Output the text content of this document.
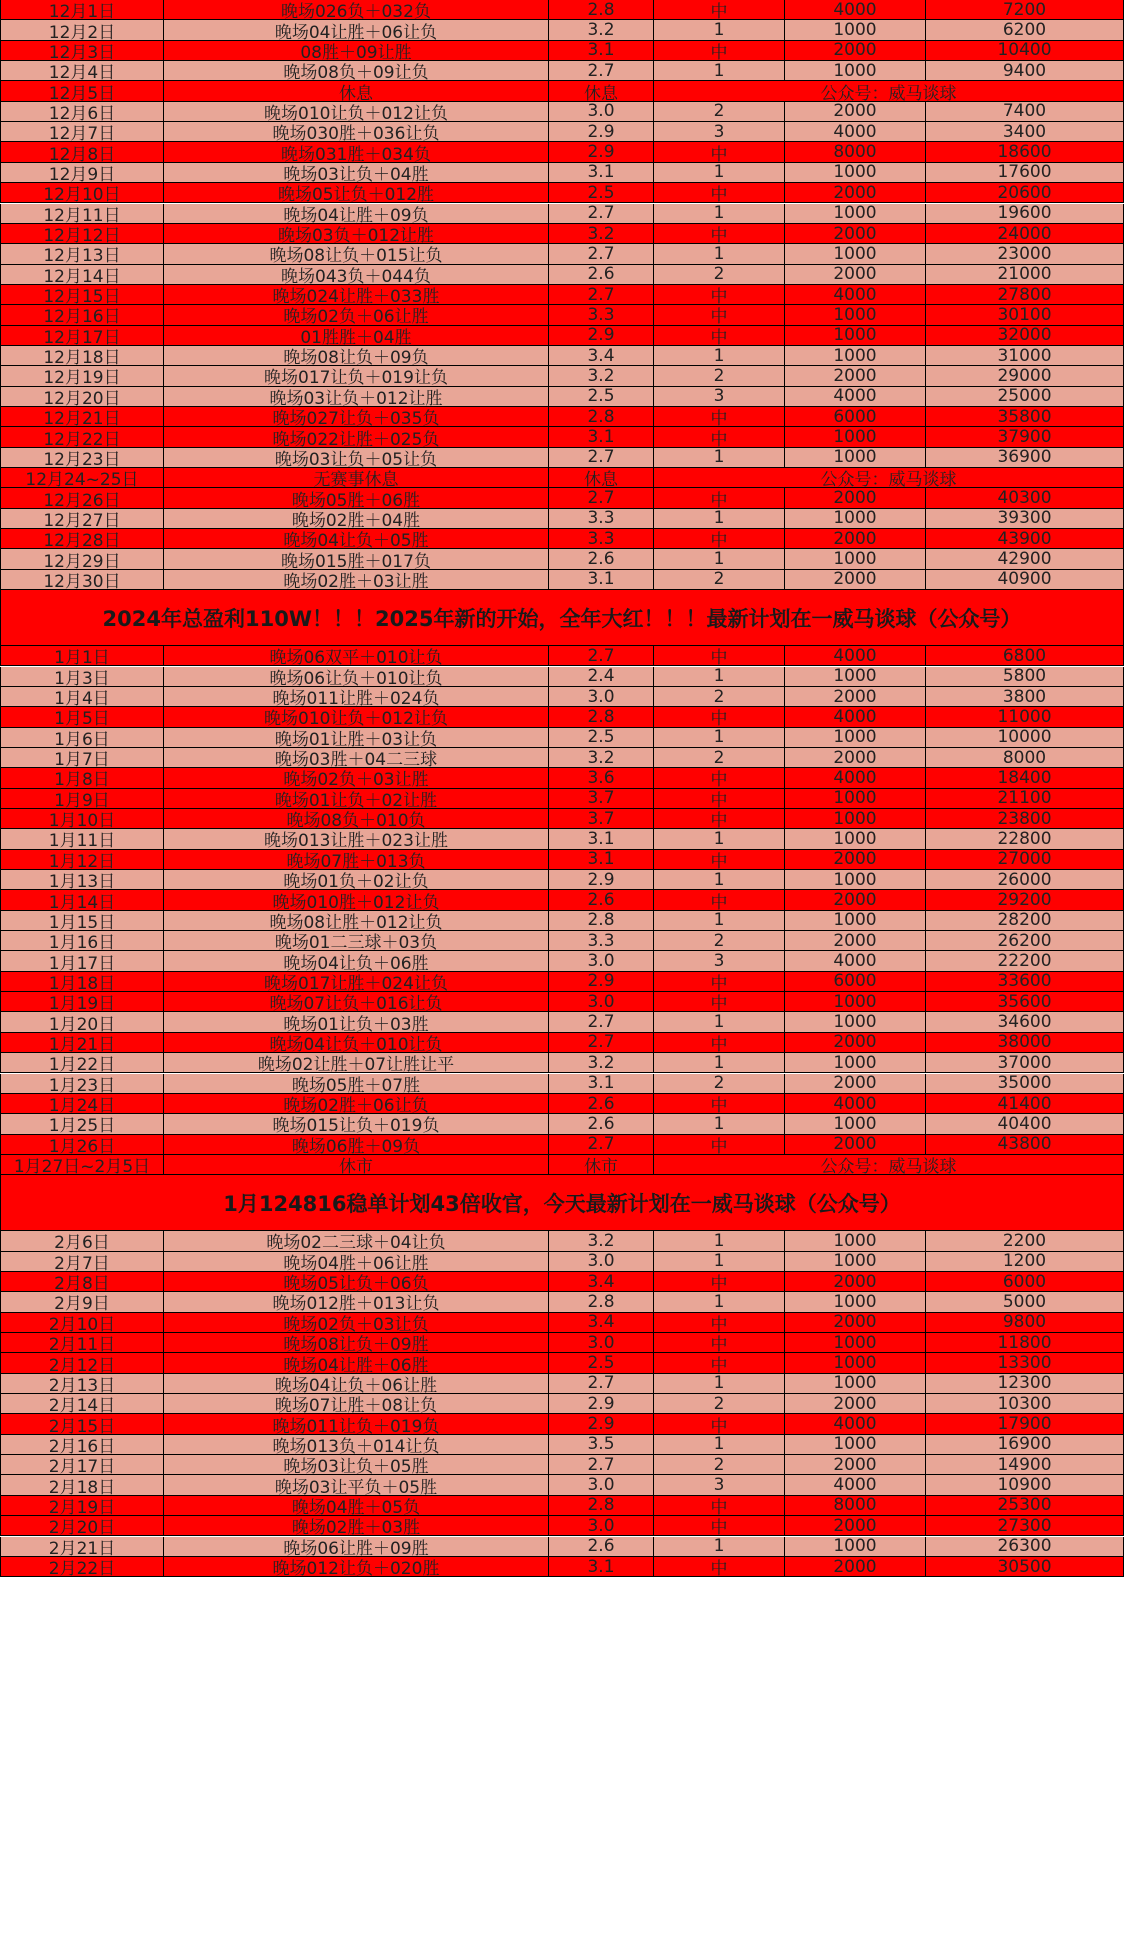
12月1日	晚场026负＋032负	2.8	中	4000	7200
12月2日	晚场04让胜＋06让负	3.2	1	1000	6200
12月3日	08胜＋09让胜	3.1	中	2000	10400
12月4日	晚场08负＋09让负	2.7	1	1000	9400
12月5日	休息	休息	公众号：威马谈球
12月6日	晚场010让负＋012让负	3.0	2	2000	7400
12月7日	晚场030胜＋036让负	2.9	3	4000	3400
12月8日	晚场031胜＋034负	2.9	中	8000	18600
12月9日	晚场03让负＋04胜	3.1	1	1000	17600
12月10日	晚场05让负＋012胜	2.5	中	2000	20600
12月11日	晚场04让胜＋09负	2.7	1	1000	19600
12月12日	晚场03负＋012让胜	3.2	中	2000	24000
12月13日	晚场08让负＋015让负	2.7	1	1000	23000
12月14日	晚场043负＋044负	2.6	2	2000	21000
12月15日	晚场024让胜＋033胜	2.7	中	4000	27800
12月16日	晚场02负＋06让胜	3.3	中	1000	30100
12月17日	01胜胜＋04胜	2.9	中	1000	32000
12月18日	晚场08让负＋09负	3.4	1	1000	31000
12月19日	晚场017让负＋019让负	3.2	2	2000	29000
12月20日	晚场03让负＋012让胜	2.5	3	4000	25000
12月21日	晚场027让负＋035负	2.8	中	6000	35800
12月22日	晚场022让胜＋025负	3.1	中	1000	37900
12月23日	晚场03让负＋05让负	2.7	1	1000	36900
12月24~25日	无赛事休息	休息	公众号：威马谈球
12月26日	晚场05胜＋06胜	2.7	中	2000	40300
12月27日	晚场02胜＋04胜	3.3	1	1000	39300
12月28日	晚场04让负＋05胜	3.3	中	2000	43900
12月29日	晚场015胜＋017负	2.6	1	1000	42900
12月30日	晚场02胜＋03让胜	3.1	2	2000	40900
2024年总盈利110W！！！2025年新的开始，全年大红！！！最新计划在一威马谈球（公众号）
1月1日	晚场06双平＋010让负	2.7	中	4000	6800
1月3日	晚场06让负＋010让负	2.4	1	1000	5800
1月4日	晚场011让胜＋024负	3.0	2	2000	3800
1月5日	晚场010让负＋012让负	2.8	中	4000	11000
1月6日	晚场01让胜＋03让负	2.5	1	1000	10000
1月7日	晚场03胜＋04二三球	3.2	2	2000	8000
1月8日	晚场02负＋03让胜	3.6	中	4000	18400
1月9日	晚场01让负＋02让胜	3.7	中	1000	21100
1月10日	晚场08负＋010负	3.7	中	1000	23800
1月11日	晚场013让胜＋023让胜	3.1	1	1000	22800
1月12日	晚场07胜＋013负	3.1	中	2000	27000
1月13日	晚场01负＋02让负	2.9	1	1000	26000
1月14日	晚场010胜＋012让负	2.6	中	2000	29200
1月15日	晚场08让胜＋012让负	2.8	1	1000	28200
1月16日	晚场01二三球＋03负	3.3	2	2000	26200
1月17日	晚场04让负＋06胜	3.0	3	4000	22200
1月18日	晚场017让胜＋024让负	2.9	中	6000	33600
1月19日	晚场07让负＋016让负	3.0	中	1000	35600
1月20日	晚场01让负＋03胜	2.7	1	1000	34600
1月21日	晚场04让负＋010让负	2.7	中	2000	38000
1月22日	晚场02让胜＋07让胜让平	3.2	1	1000	37000
1月23日	晚场05胜＋07胜	3.1	2	2000	35000
1月24日	晚场02胜＋06让负	2.6	中	4000	41400
1月25日	晚场015让负＋019负	2.6	1	1000	40400
1月26日	晚场06胜＋09负	2.7	中	2000	43800
1月27日~2月5日	休市	休市	公众号：威马谈球
1月124816稳单计划43倍收官，今天最新计划在一威马谈球（公众号）
2月6日	晚场02二三球＋04让负	3.2	1	1000	2200
2月7日	晚场04胜＋06让胜	3.0	1	1000	1200
2月8日	晚场05让负＋06负	3.4	中	2000	6000
2月9日	晚场012胜＋013让负	2.8	1	1000	5000
2月10日	晚场02负＋03让负	3.4	中	2000	9800
2月11日	晚场08让负＋09胜	3.0	中	1000	11800
2月12日	晚场04让胜＋06胜	2.5	中	1000	13300
2月13日	晚场04让负＋06让胜	2.7	1	1000	12300
2月14日	晚场07让胜＋08让负	2.9	2	2000	10300
2月15日	晚场011让负＋019负	2.9	中	4000	17900
2月16日	晚场013负＋014让负	3.5	1	1000	16900
2月17日	晚场03让负＋05胜	2.7	2	2000	14900
2月18日	晚场03让平负＋05胜	3.0	3	4000	10900
2月19日	晚场04胜＋05负	2.8	中	8000	25300
2月20日	晚场02胜＋03胜	3.0	中	2000	27300
2月21日	晚场06让胜＋09胜	2.6	1	1000	26300
2月22日	晚场012让负＋020胜	3.1	中	2000	30500
